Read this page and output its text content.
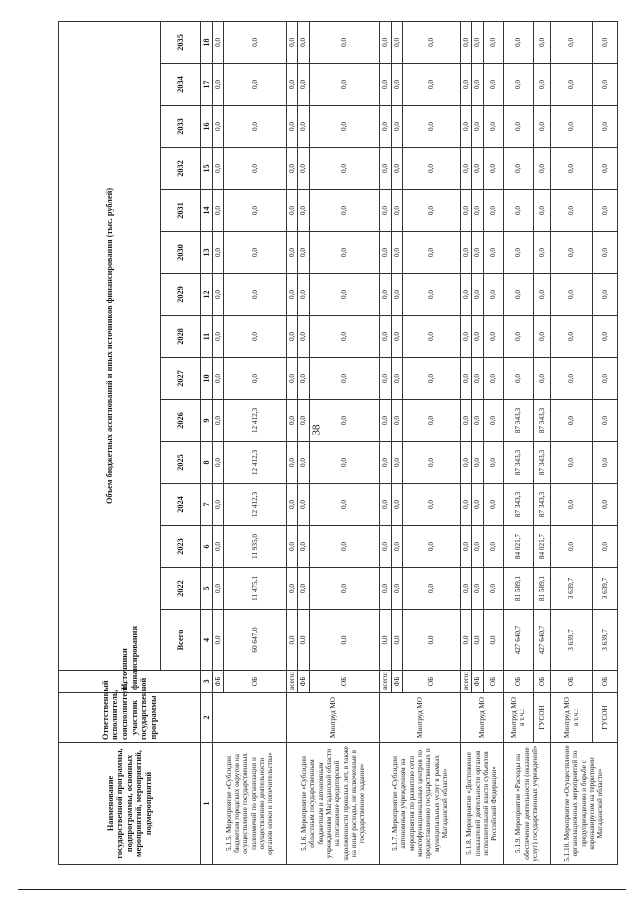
38
Наименование государственной программы, подпрограммы, основных мероприятий, мероприятий, подмероприятий	Ответственный исполнитель, соисполнитель, участник государственной программы	Источники финансирования	Объем бюджетных ассигнований и иных источников финансирования (тыс. рублей)														
			Всего	2022	2023	2024	2025	2026	2027	2028	2029	2030	2031	2032	2033	2034	2035
1	2	3	4	5	6	7	8	9	10	11	12	13	14	15	16	17	18
5.1.5. Мероприятие «Субсидии бюджетам городских округов на осуществление государственных полномочий по организации и осуществлению деятельности органов опеки и попечительства»		ФБ	0,0	0,0	0,0	0,0	0,0	0,0	0,0	0,0	0,0	0,0	0,0	0,0	0,0	0,0	0,0
		ОБ	60 647,0	11 475,1	11 935,0	12 412,3	12 412,3	12 412,3	0,0	0,0	0,0	0,0	0,0	0,0	0,0	0,0	0,0
5.1.6. Мероприятие «Субсидии областным государственным бюджетным и автономным учреждениям Магаданской области на погашение кредиторской задолженности прошлых лет, в также на иные расходы, не включенные в государственное задание»	Минтруд МО	всего:	0,0	0,0	0,0	0,0	0,0	0,0	0,0	0,0	0,0	0,0	0,0	0,0	0,0	0,0	0,0
		ФБ	0,0	0,0	0,0	0,0	0,0	0,0	0,0	0,0	0,0	0,0	0,0	0,0	0,0	0,0	0,0
		ОБ	0,0	0,0	0,0	0,0	0,0	0,0	0,0	0,0	0,0	0,0	0,0	0,0	0,0	0,0	0,0
5.1.7. Мероприятие «Субсидии автономным учреждениям на мероприятия по развитию сети многофункциональных центров по предоставлению государственных и муниципальных услуг в рамках Магаданской области»	Минтруд МО	всего:	0,0	0,0	0,0	0,0	0,0	0,0	0,0	0,0	0,0	0,0	0,0	0,0	0,0	0,0	0,0
		ФБ	0,0	0,0	0,0	0,0	0,0	0,0	0,0	0,0	0,0	0,0	0,0	0,0	0,0	0,0	0,0
		ОБ	0,0	0,0	0,0	0,0	0,0	0,0	0,0	0,0	0,0	0,0	0,0	0,0	0,0	0,0	0,0
5.1.8. Мероприятие «Достижение показателей деятельности органов исполнительной власти субъектов Российской Федерации»	Минтруд МО	всего:	0,0	0,0	0,0	0,0	0,0	0,0	0,0	0,0	0,0	0,0	0,0	0,0	0,0	0,0	0,0
		ФБ	0,0	0,0	0,0	0,0	0,0	0,0	0,0	0,0	0,0	0,0	0,0	0,0	0,0	0,0	0,0
		ОБ	0,0	0,0	0,0	0,0	0,0	0,0	0,0	0,0	0,0	0,0	0,0	0,0	0,0	0,0	0,0
5.1.9. Мероприятие «Расходы на обеспечение деятельности (оказание услуг) государственных учреждений»	Минтруд МО в т.ч.:	ОБ	427 640,7	81 589,1	84 021,7	87 343,3	87 343,3	87 343,3	0,0	0,0	0,0	0,0	0,0	0,0	0,0	0,0	0,0
	ГУСОН	ОБ	427 640,7	81 589,1	84 021,7	87 343,3	87 343,3	87 343,3	0,0	0,0	0,0	0,0	0,0	0,0	0,0	0,0	0,0
5.1.10. Мероприятие «Осуществление организационных мероприятий по предупреждению и борьбе с коронавирусом на территории Магаданской области»	Минтруд МО в т.ч.:	ОБ	3 639,7	3 639,7	0,0	0,0	0,0	0,0	0,0	0,0	0,0	0,0	0,0	0,0	0,0	0,0	0,0
	ГУСОН	ОБ	3 639,7	3 639,7	0,0	0,0	0,0	0,0	0,0	0,0	0,0	0,0	0,0	0,0	0,0	0,0	0,0
